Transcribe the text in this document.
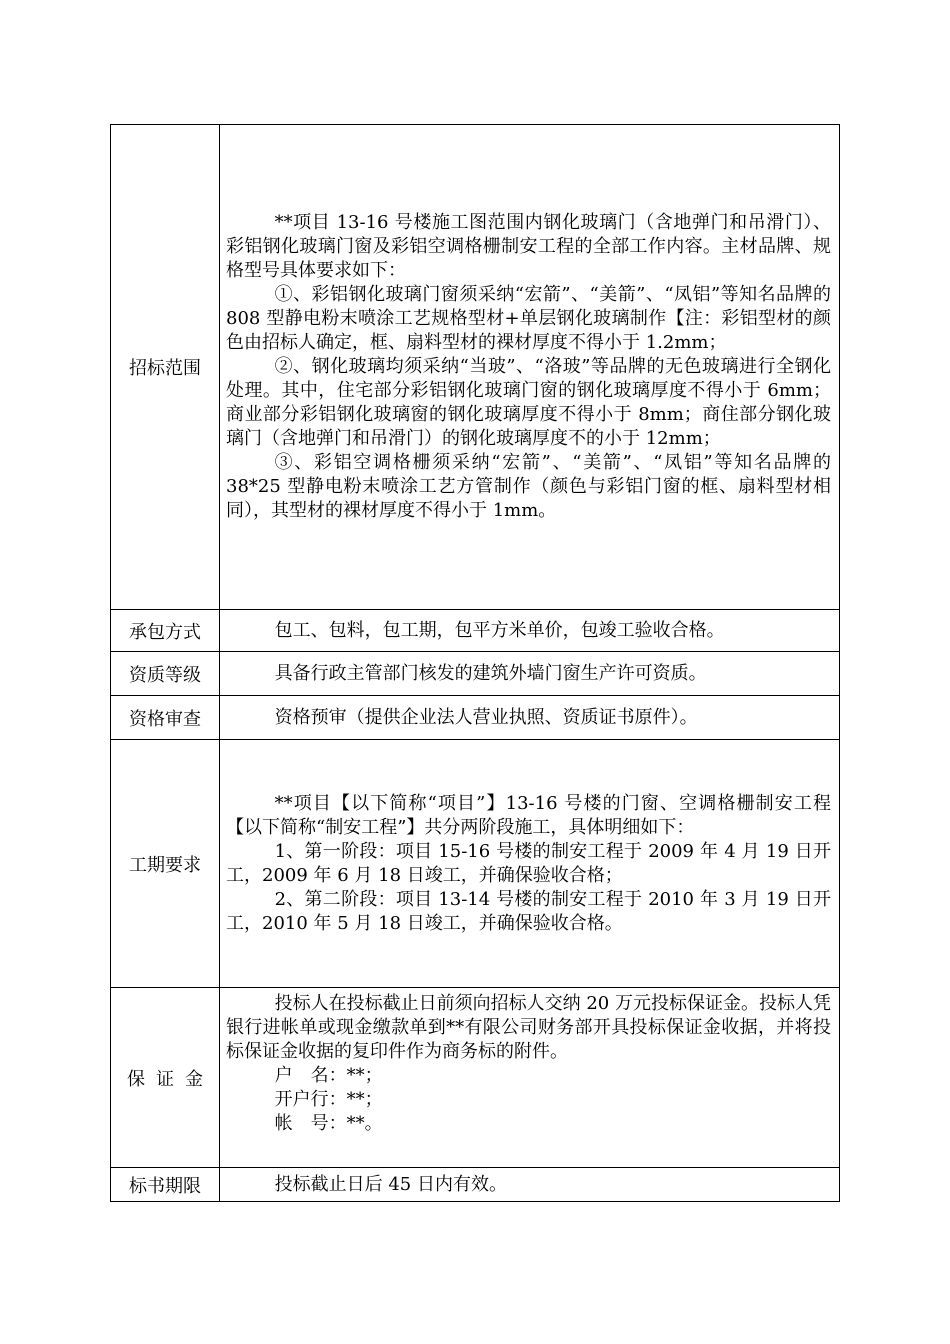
招标范围	**项目 13-16 号楼施工图范围内钢化玻璃门（含地弹门和吊滑门）、彩铝钢化玻璃门窗及彩铝空调格栅制安工程的全部工作内容。主材品牌、规格型号具体要求如下：

①、彩铝钢化玻璃门窗须采纳“宏箭”、“美箭”、“凤铝”等知名品牌的 808 型静电粉末喷涂工艺规格型材+单层钢化玻璃制作【注：彩铝型材的颜色由招标人确定，框、扇料型材的裸材厚度不得小于 1.2mm；

②、钢化玻璃均须采纳“当玻”、“洛玻”等品牌的无色玻璃进行全钢化处理。其中，住宅部分彩铝钢化玻璃门窗的钢化玻璃厚度不得小于 6mm；商业部分彩铝钢化玻璃窗的钢化玻璃厚度不得小于 8mm；商住部分钢化玻璃门（含地弹门和吊滑门）的钢化玻璃厚度不的小于 12mm；

③、彩铝空调格栅须采纳“宏箭”、“美箭”、“凤铝”等知名品牌的 38*25 型静电粉末喷涂工艺方管制作（颜色与彩铝门窗的框、扇料型材相同），其型材的裸材厚度不得小于 1mm。

承包方式	包工、包料，包工期，包平方米单价，包竣工验收合格。

资质等级	具备行政主管部门核发的建筑外墙门窗生产许可资质。

资格审查	资格预审（提供企业法人营业执照、资质证书原件）。

工期要求	**项目【以下简称“项目”】13-16 号楼的门窗、空调格栅制安工程【以下简称“制安工程”】共分两阶段施工，具体明细如下：

1、第一阶段：项目 15-16 号楼的制安工程于 2009 年 4 月 19 日开工，2009 年 6 月 18 日竣工，并确保验收合格；

2、第二阶段：项目 13-14 号楼的制安工程于 2010 年 3 月 19 日开工，2010 年 5 月 18 日竣工，并确保验收合格。

保证金	投标人在投标截止日前须向招标人交纳 20 万元投标保证金。投标人凭银行进帐单或现金缴款单到**有限公司财务部开具投标保证金收据，并将投标保证金收据的复印件作为商务标的附件。

户　名：**；

开户行：**；

帐　号：**。

标书期限	投标截止日后 45 日内有效。
